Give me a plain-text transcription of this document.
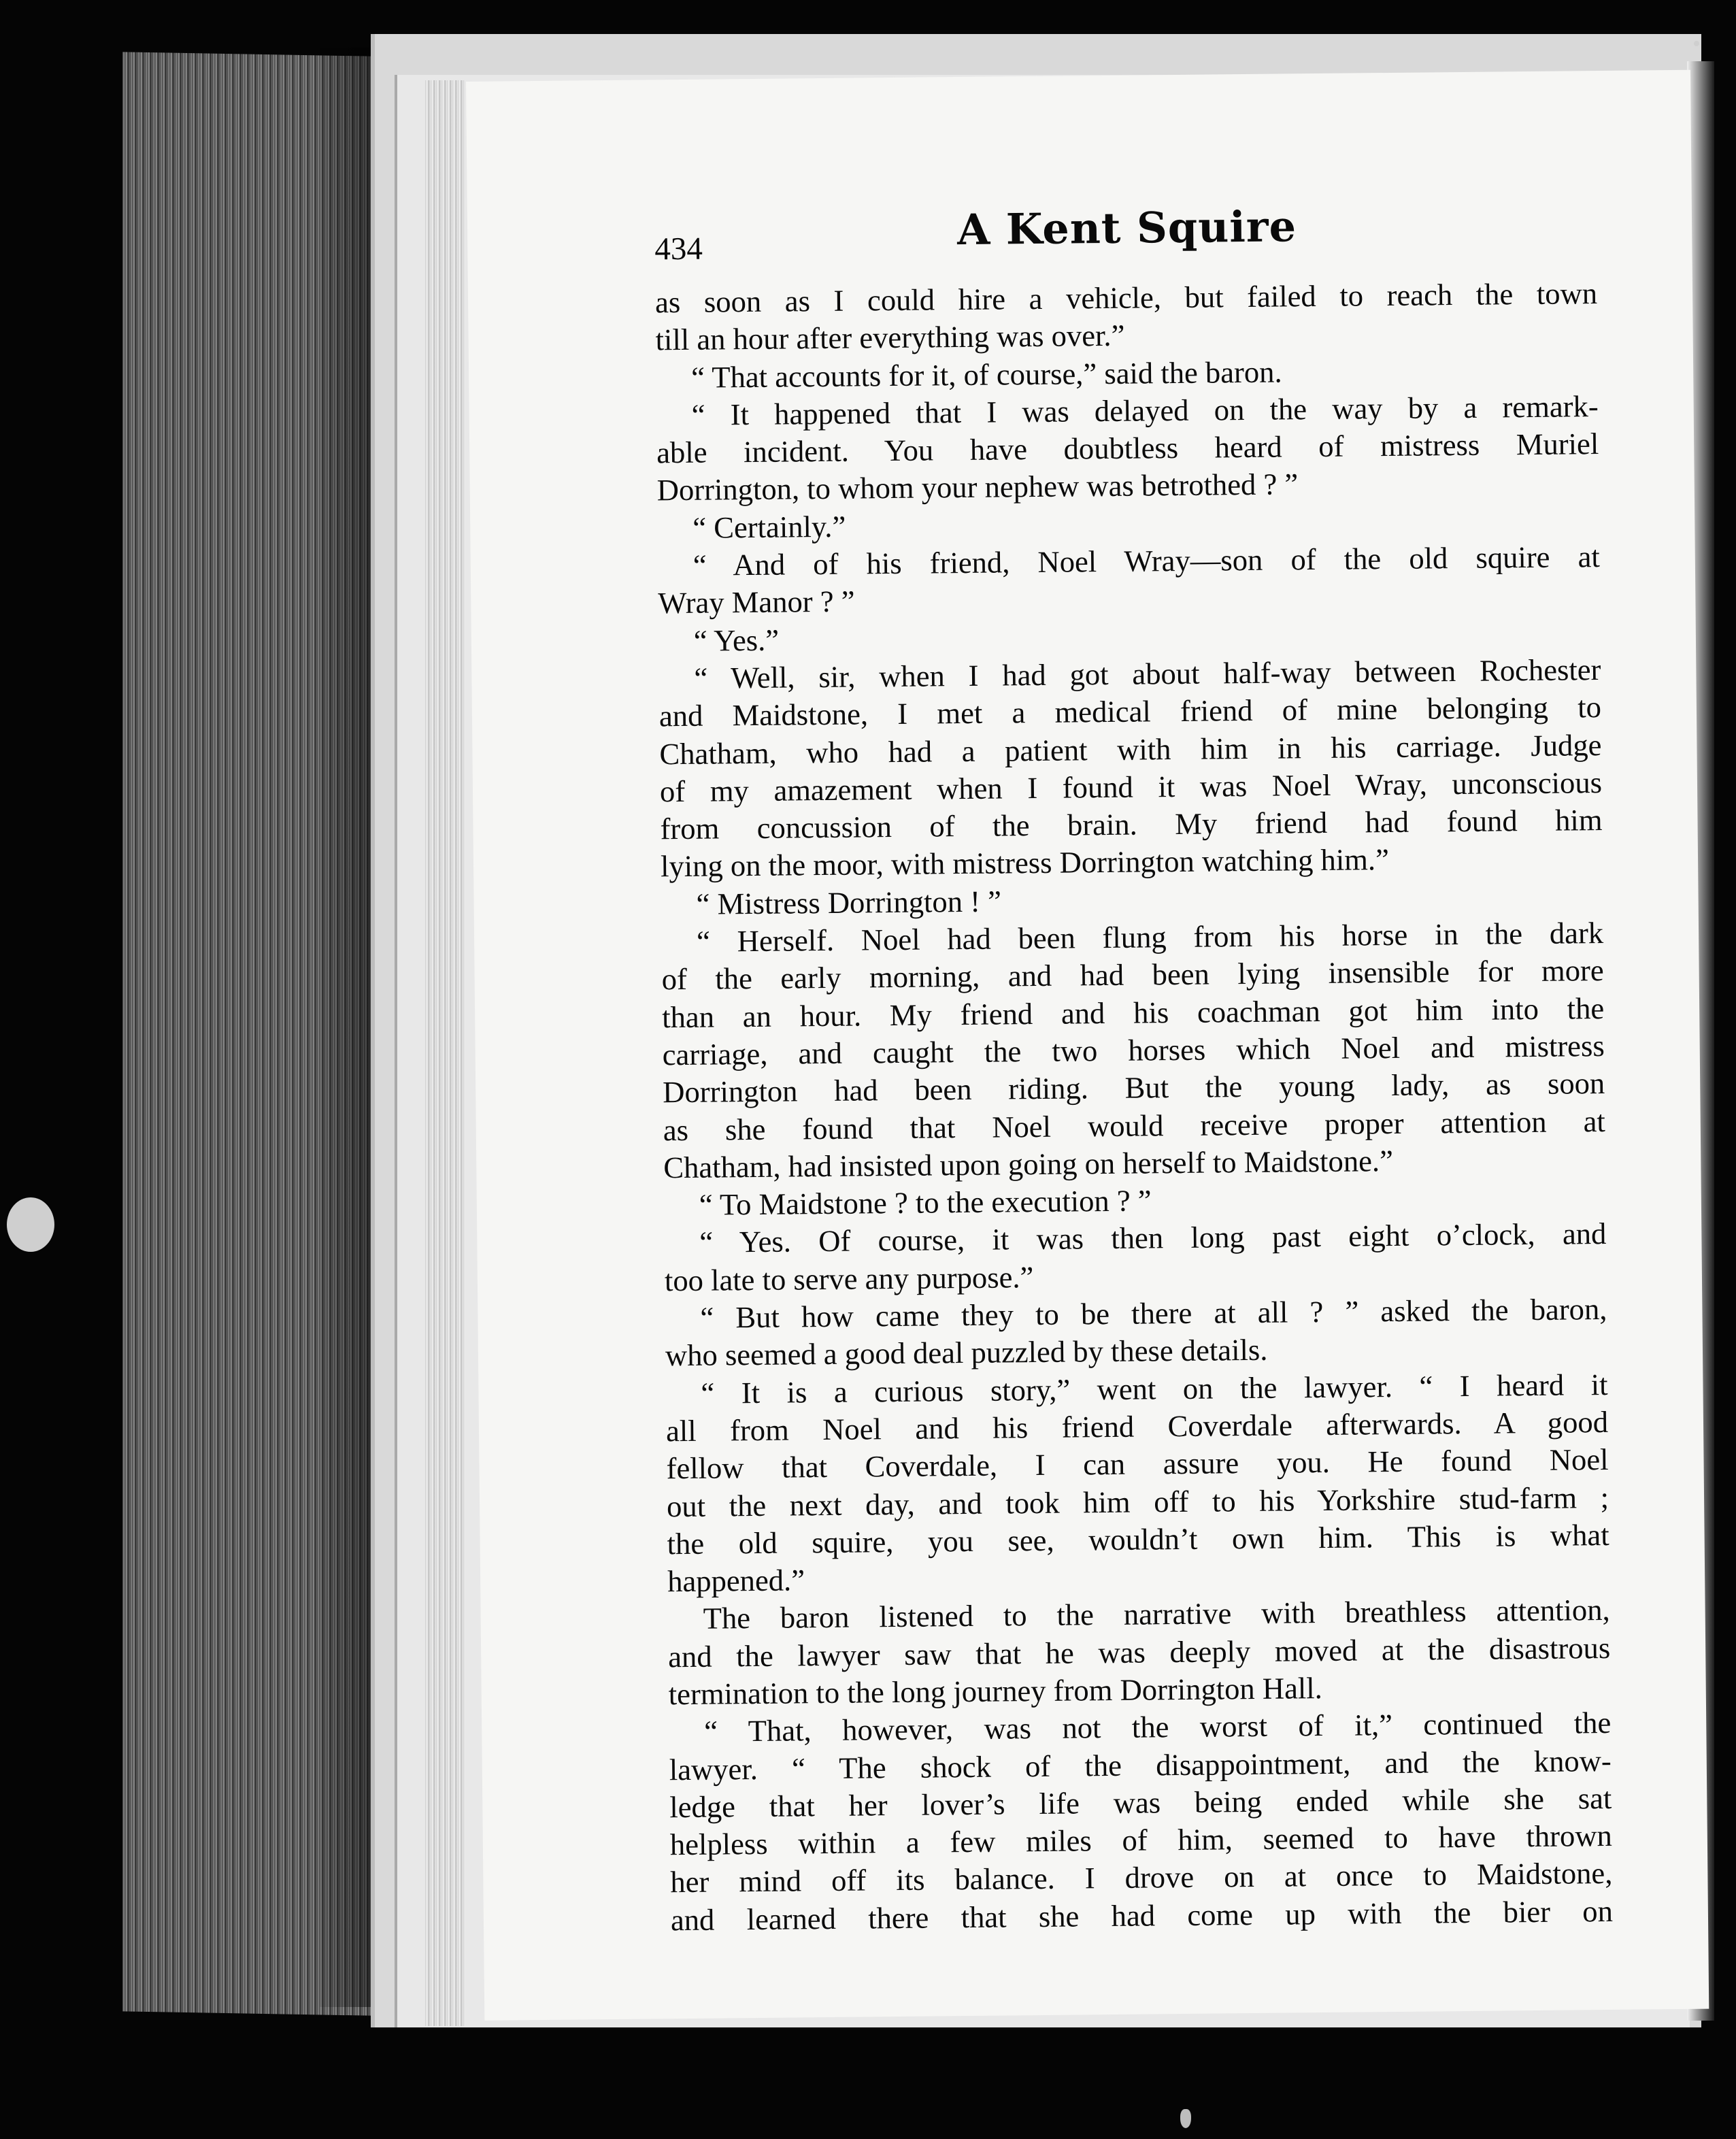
434	A Kent Squire
as soon as I could hire a vehicle, but failed to reach the town
till an hour after everything was over.”
“ That accounts for it, of course,” said the baron.
“ It happened that I was delayed on the way by a remark-
able incident. You have doubtless heard of mistress Muriel
Dorrington, to whom your nephew was betrothed ? ”
“ Certainly.”
“ And of his friend, Noel Wray—son of the old squire at
Wray Manor ? ”
“ Yes.”
“ Well, sir, when I had got about half-way between Rochester
and Maidstone, I met a medical friend of mine belonging to
Chatham, who had a patient with him in his carriage. Judge
of my amazement when I found it was Noel Wray, unconscious
from concussion of the brain. My friend had found him
lying on the moor, with mistress Dorrington watching him.”
“ Mistress Dorrington ! ”
“ Herself. Noel had been flung from his horse in the dark
of the early morning, and had been lying insensible for more
than an hour. My friend and his coachman got him into the
carriage, and caught the two horses which Noel and mistress
Dorrington had been riding. But the young lady, as soon
as she found that Noel would receive proper attention at
Chatham, had insisted upon going on herself to Maidstone.”
“ To Maidstone ? to the execution ? ”
“ Yes. Of course, it was then long past eight o’clock, and
too late to serve any purpose.”
“ But how came they to be there at all ? ” asked the baron,
who seemed a good deal puzzled by these details.
“ It is a curious story,” went on the lawyer. “ I heard it
all from Noel and his friend Coverdale afterwards. A good
fellow that Coverdale, I can assure you. He found Noel
out the next day, and took him off to his Yorkshire stud-farm ;
the old squire, you see, wouldn’t own him. This is what
happened.”
The baron listened to the narrative with breathless attention,
and the lawyer saw that he was deeply moved at the disastrous
termination to the long journey from Dorrington Hall.
“ That, however, was not the worst of it,” continued the
lawyer. “ The shock of the disappointment, and the know-
ledge that her lover’s life was being ended while she sat
helpless within a few miles of him, seemed to have thrown
her mind off its balance. I drove on at once to Maidstone,
and learned there that she had come up with the bier on
